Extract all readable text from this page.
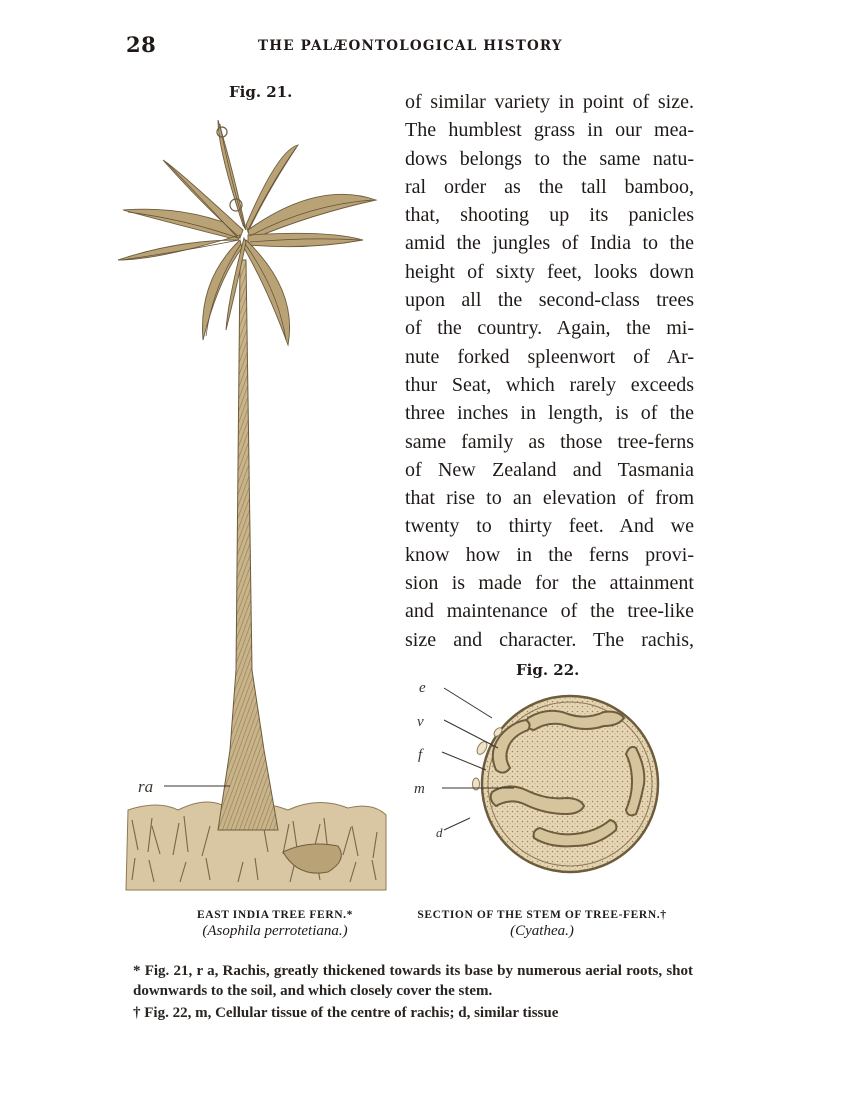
28	THE PALÆONTOLOGICAL HISTORY
Fig. 21.
ra
of similar variety in point of size.
The humblest grass in our mea-
dows belongs to the same natu-
ral order as the tall bamboo,
that, shooting up its panicles
amid the jungles of India to the
height of sixty feet, looks down
upon all the second-class trees
of the country. Again, the mi-
nute forked spleenwort of Ar-
thur Seat, which rarely exceeds
three inches in length, is of the
same family as those tree-ferns
of New Zealand and Tasmania
that rise to an elevation of from
twenty to thirty feet. And we
know how in the ferns provi-
sion is made for the attainment
and maintenance of the tree-like
size and character. The rachis,
Fig. 22.
e
v
f
m
d
EAST INDIA TREE FERN.*
(Asophila perrotetiana.)
SECTION OF THE STEM OF TREE-FERN.†
(Cyathea.)

* Fig. 21, r a, Rachis, greatly thickened towards its base by numerous aerial roots, shot downwards to the soil, and which closely cover the stem.

† Fig. 22, m, Cellular tissue of the centre of rachis; d, similar tissue
